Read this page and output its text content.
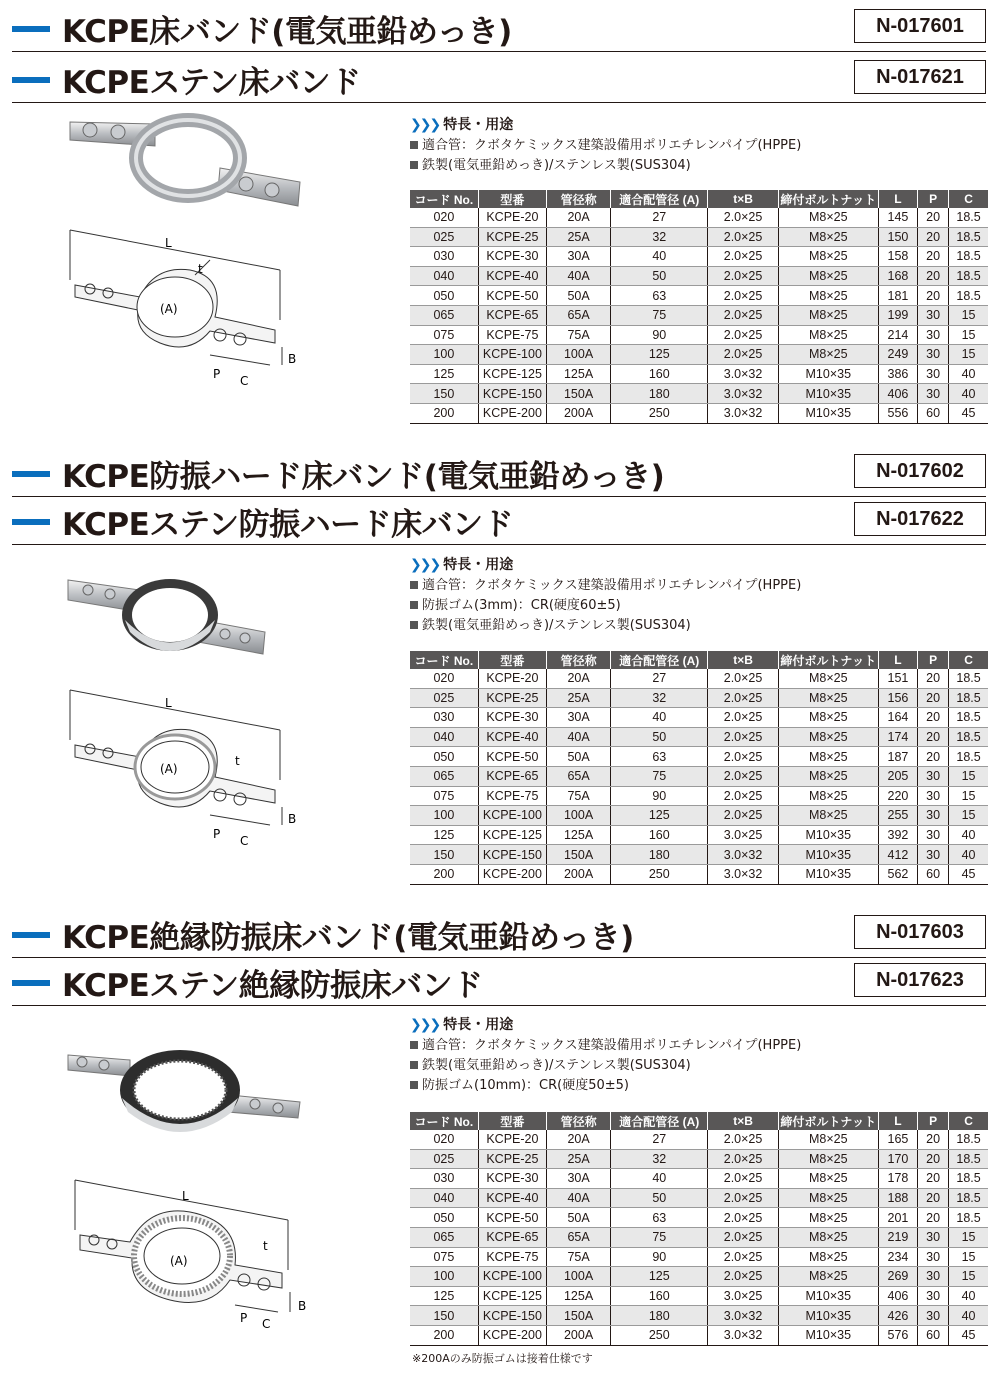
KCPE床バンド(電気亜鉛めっき)	N-017601
KCPEステン床バンド	N-017621
L
t
(A)
P C
B
❯❯❯ 特長・用途
適合管：クボタケミックス建築設備用ポリエチレンパイプ(HPPE)
鉄製(電気亜鉛めっき)/ステンレス製(SUS304)
コード No.	型番	管径称	適合配管径 (A)	t×B	締付ボルトナット	L	P	C
020	KCPE-20	20A	27	2.0×25	M8×25	145	20	18.5
025	KCPE-25	25A	32	2.0×25	M8×25	150	20	18.5
030	KCPE-30	30A	40	2.0×25	M8×25	158	20	18.5
040	KCPE-40	40A	50	2.0×25	M8×25	168	20	18.5
050	KCPE-50	50A	63	2.0×25	M8×25	181	20	18.5
065	KCPE-65	65A	75	2.0×25	M8×25	199	30	15
075	KCPE-75	75A	90	2.0×25	M8×25	214	30	15
100	KCPE-100	100A	125	2.0×25	M8×25	249	30	15
125	KCPE-125	125A	160	3.0×32	M10×35	386	30	40
150	KCPE-150	150A	180	3.0×32	M10×35	406	30	40
200	KCPE-200	200A	250	3.0×32	M10×35	556	60	45
KCPE防振ハード床バンド(電気亜鉛めっき)	N-017602
KCPEステン防振ハード床バンド	N-017622
L
t
(A)
P C
B
❯❯❯ 特長・用途
適合管：クボタケミックス建築設備用ポリエチレンパイプ(HPPE)
防振ゴム(3mm)：CR(硬度60±5)
鉄製(電気亜鉛めっき)/ステンレス製(SUS304)
コード No.	型番	管径称	適合配管径 (A)	t×B	締付ボルトナット	L	P	C
020	KCPE-20	20A	27	2.0×25	M8×25	151	20	18.5
025	KCPE-25	25A	32	2.0×25	M8×25	156	20	18.5
030	KCPE-30	30A	40	2.0×25	M8×25	164	20	18.5
040	KCPE-40	40A	50	2.0×25	M8×25	174	20	18.5
050	KCPE-50	50A	63	2.0×25	M8×25	187	20	18.5
065	KCPE-65	65A	75	2.0×25	M8×25	205	30	15
075	KCPE-75	75A	90	2.0×25	M8×25	220	30	15
100	KCPE-100	100A	125	2.0×25	M8×25	255	30	15
125	KCPE-125	125A	160	3.0×25	M10×35	392	30	40
150	KCPE-150	150A	180	3.0×32	M10×35	412	30	40
200	KCPE-200	200A	250	3.0×32	M10×35	562	60	45
KCPE絶縁防振床バンド(電気亜鉛めっき)	N-017603
KCPEステン絶縁防振床バンド	N-017623
L
t
(A)
P C
B
❯❯❯ 特長・用途
適合管：クボタケミックス建築設備用ポリエチレンパイプ(HPPE)
鉄製(電気亜鉛めっき)/ステンレス製(SUS304)
防振ゴム(10mm)：CR(硬度50±5)
コード No.	型番	管径称	適合配管径 (A)	t×B	締付ボルトナット	L	P	C
020	KCPE-20	20A	27	2.0×25	M8×25	165	20	18.5
025	KCPE-25	25A	32	2.0×25	M8×25	170	20	18.5
030	KCPE-30	30A	40	2.0×25	M8×25	178	20	18.5
040	KCPE-40	40A	50	2.0×25	M8×25	188	20	18.5
050	KCPE-50	50A	63	2.0×25	M8×25	201	20	18.5
065	KCPE-65	65A	75	2.0×25	M8×25	219	30	15
075	KCPE-75	75A	90	2.0×25	M8×25	234	30	15
100	KCPE-100	100A	125	2.0×25	M8×25	269	30	15
125	KCPE-125	125A	160	3.0×25	M10×35	406	30	40
150	KCPE-150	150A	180	3.0×32	M10×35	426	30	40
200	KCPE-200	200A	250	3.0×32	M10×35	576	60	45
※200Aのみ防振ゴムは接着仕様です
